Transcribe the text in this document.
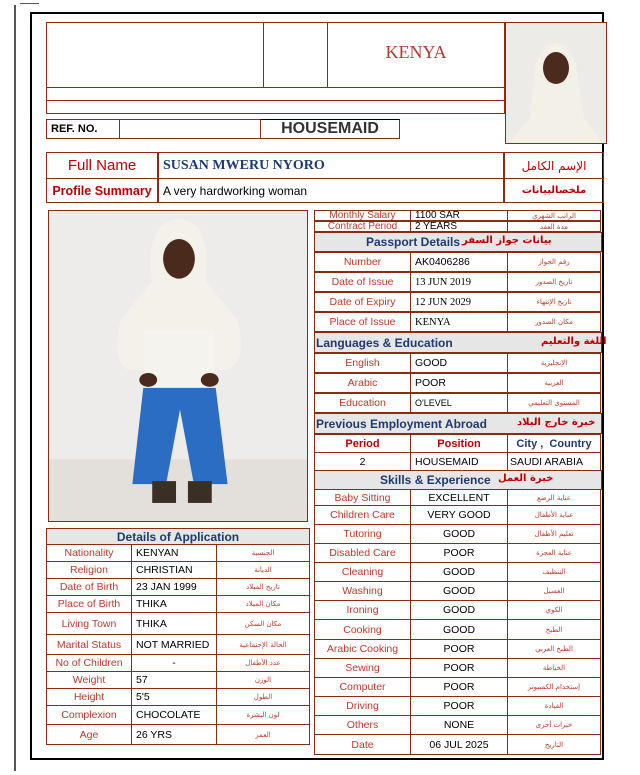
KENYA
REF. NO.	HOUSEMAID
Full Name	SUSAN MWERU NYORO	الإسم الكامل
Profile Summary A very hardworking woman	ملخصالبيانات
Monthly Salary	1100 SAR	الراتب الشهري
Contract Period	2 YEARS	مدة العقد
Passport Details بيانات جواز السفر
Number	AK0406286	رقم الجواز
Date of Issue	13 JUN 2019	تاريخ الصدور
Date of Expiry	12 JUN 2029	تاريخ الإنتهاء
Place of Issue	KENYA	مكان الصدور
Languages & Education	اللغة والتعليم
English	GOOD	الإنجليزية
Arabic	POOR	العربية
Education	O'LEVEL	المستوى التعليمي
Previous Employment Abroad	خبرة خارج البلاد
Period	Position	City ,  Country
2	HOUSEMAID	SAUDI ARABIA
Skills & Experience خبرة العمل
Baby Sitting	EXCELLENT	عناية الرضع
Children Care	VERY GOOD	عناية الأطفال
Tutoring	GOOD	تعليم الأطفال
Disabled Care	POOR	عناية العجزة
Cleaning	GOOD	التنظيف
Washing	GOOD	الغسيل
Ironing	GOOD	الكوي
Cooking	GOOD	الطبخ
Arabic Cooking	POOR	الطبخ العربي
Sewing	POOR	الخياطة
Computer	POOR	إستخدام الكمبيوتر
Driving	POOR	القيادة
Others	NONE	خبرات أخرى
Date	06 JUL 2025	التاريخ
Details of Application
Nationality	KENYAN	الجنسية
Religion	CHRISTIAN	الديانة
Date of Birth	23 JAN 1999	تاريخ الميلاد
Place of Birth	THIKA	مكان الميلاد
Living Town	THIKA	مكان السكن
Marital Status	NOT MARRIED	الحالة الإجتماعية
No of Children	-	عدد الأطفال
Weight	57	الوزن
Height	5'5	الطول
Complexion	CHOCOLATE	لون البشرة
Age	26 YRS	العمر
